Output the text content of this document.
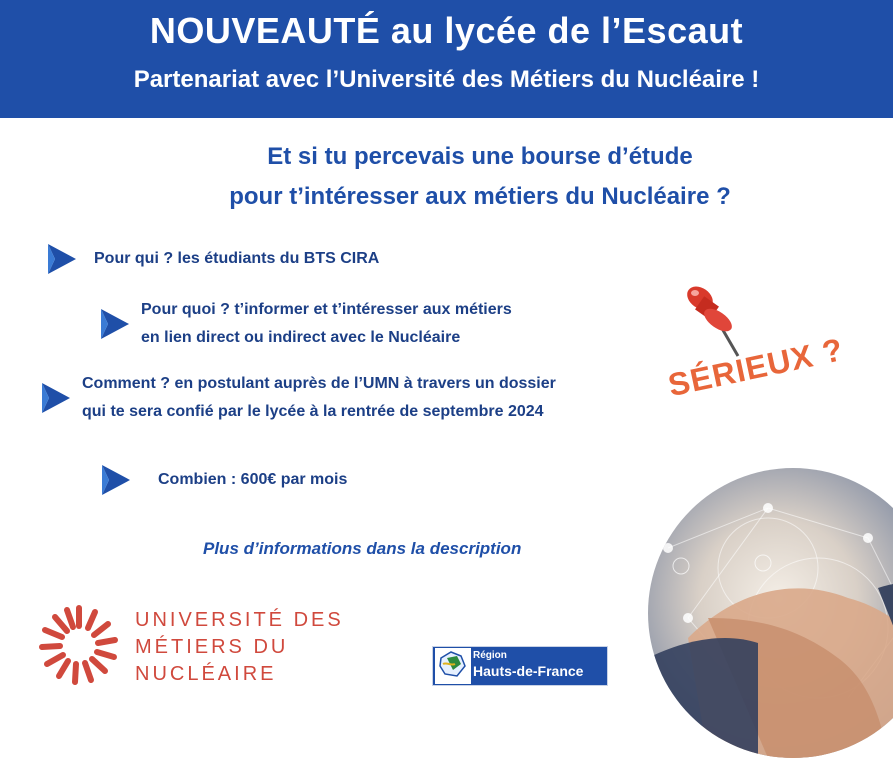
NOUVEAUTÉ au lycée de l’Escaut
Partenariat avec l’Université des Métiers du Nucléaire !
Et si tu percevais une bourse d’étude
pour t’intéresser aux métiers du Nucléaire ?
Pour qui ? les étudiants du BTS CIRA
Pour quoi ? t’informer et t’intéresser aux métiers
en lien direct ou indirect avec le Nucléaire
Comment ? en postulant auprès de l’UMN à travers un dossier
qui te sera confié par le lycée à la rentrée de septembre 2024
Combien : 600€ par mois
Plus d’informations dans la description
SÉRIEUX ?
UNIVERSITÉ DES
MÉTIERS DU
NUCLÉAIRE
Région
Hauts-de-France
